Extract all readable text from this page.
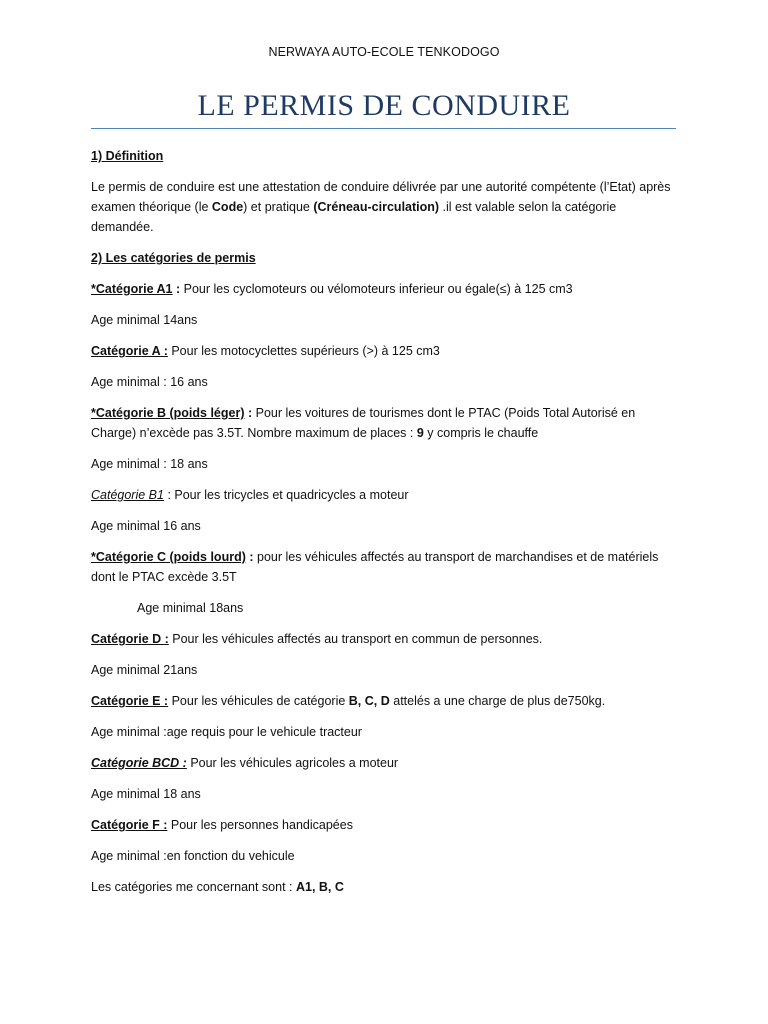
NERWAYA AUTO-ECOLE TENKODOGO
LE PERMIS DE CONDUIRE

1) Définition

Le permis de conduire est une attestation de conduire délivrée par une autorité compétente (l’Etat) après examen théorique (le Code) et pratique (Créneau-circulation) .il est valable selon la catégorie demandée.

2) Les catégories de permis

*Catégorie A1 : Pour les cyclomoteurs ou vélomoteurs inferieur ou égale(≤) à 125 cm3

Age minimal 14ans

Catégorie A : Pour les motocyclettes supérieurs (>) à 125 cm3

Age minimal : 16 ans

*Catégorie B (poids léger) : Pour les voitures de tourismes dont le PTAC (Poids Total Autorisé en Charge) n’excède pas 3.5T. Nombre maximum de places : 9 y compris le chauffe

Age minimal : 18 ans

Catégorie B1 : Pour les tricycles et quadricycles a moteur

Age minimal 16 ans

*Catégorie C (poids lourd) : pour les véhicules affectés au transport de marchandises et de matériels dont le PTAC excède 3.5T

Age minimal 18ans

Catégorie D : Pour les véhicules affectés au transport en commun de personnes.

Age minimal 21ans

Catégorie E : Pour les véhicules de catégorie B, C, D attelés a une charge de plus de750kg.

Age minimal :age requis pour le vehicule tracteur

Catégorie BCD : Pour les véhicules agricoles a moteur

Age minimal 18 ans

Catégorie F : Pour les personnes handicapées

Age minimal :en fonction du vehicule

Les catégories me concernant sont : A1, B, C
